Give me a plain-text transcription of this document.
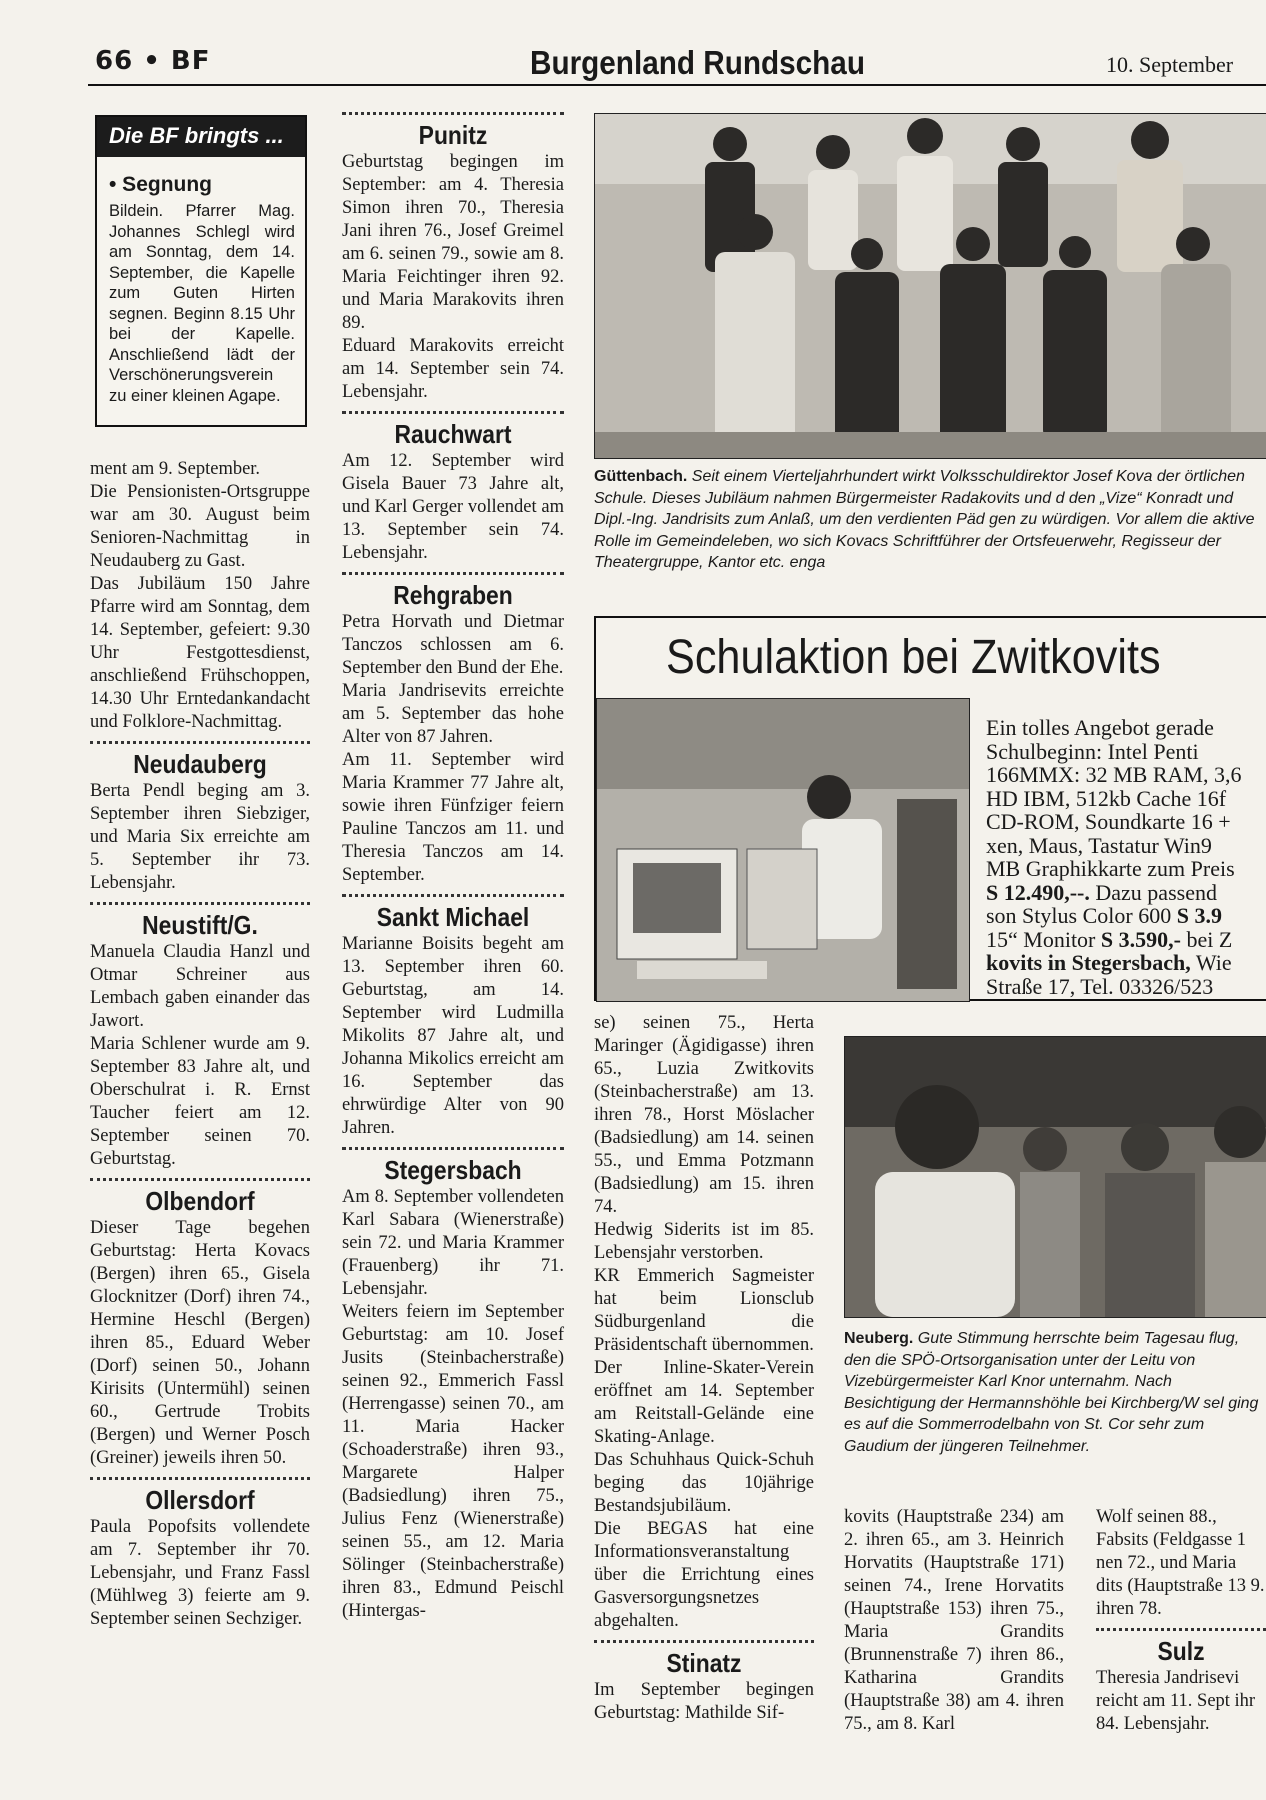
66 • BF	Burgenland Rundschau	10. September
Die BF bringts ...
• Segnung
Bildein. Pfarrer Mag. Johannes Schlegl wird am Sonntag, dem 14. September, die Kapelle zum Guten Hirten segnen. Beginn 8.15 Uhr bei der Kapelle. Anschließend lädt der Verschönerungsverein zu einer kleinen Agape.

ment am 9. September.

Die Pensionisten-Ortsgruppe war am 30. August beim Senioren-Nachmittag in Neudauberg zu Gast.

Das Jubiläum 150 Jahre Pfarre wird am Sonntag, dem 14. September, gefeiert: 9.30 Uhr Festgottesdienst, anschließend Frühschoppen, 14.30 Uhr Erntedankandacht und Folklore-Nachmittag.

Neudauberg

Berta Pendl beging am 3. September ihren Siebziger, und Maria Six erreichte am 5. September ihr 73. Lebensjahr.

Neustift/G.

Manuela Claudia Hanzl und Otmar Schreiner aus Lembach gaben einander das Jawort.

Maria Schlener wurde am 9. September 83 Jahre alt, und Oberschulrat i. R. Ernst Taucher feiert am 12. September seinen 70. Geburtstag.

Olbendorf

Dieser Tage begehen Geburtstag: Herta Kovacs (Bergen) ihren 65., Gisela Glocknitzer (Dorf) ihren 74., Hermine Heschl (Bergen) ihren 85., Eduard Weber (Dorf) seinen 50., Johann Kirisits (Untermühl) seinen 60., Gertrude Trobits (Bergen) und Werner Posch (Greiner) jeweils ihren 50.

Ollersdorf

Paula Popofsits vollendete am 7. September ihr 70. Lebensjahr, und Franz Fassl (Mühlweg 3) feierte am 9. September seinen Sechziger.

Punitz

Geburtstag begingen im September: am 4. Theresia Simon ihren 70., Theresia Jani ihren 76., Josef Greimel am 6. seinen 79., sowie am 8. Maria Feichtinger ihren 92. und Maria Marakovits ihren 89.

Eduard Marakovits erreicht am 14. September sein 74. Lebensjahr.

Rauchwart

Am 12. September wird Gisela Bauer 73 Jahre alt, und Karl Gerger vollendet am 13. September sein 74. Lebensjahr.

Rehgraben

Petra Horvath und Dietmar Tanczos schlossen am 6. September den Bund der Ehe.

Maria Jandrisevits erreichte am 5. September das hohe Alter von 87 Jahren.

Am 11. September wird Maria Krammer 77 Jahre alt, sowie ihren Fünfziger feiern Pauline Tanczos am 11. und Theresia Tanczos am 14. September.

Sankt Michael

Marianne Boisits begeht am 13. September ihren 60. Geburtstag, am 14. September wird Ludmilla Mikolits 87 Jahre alt, und Johanna Mikolics erreicht am 16. September das ehrwürdige Alter von 90 Jahren.

Stegersbach

Am 8. September vollendeten Karl Sabara (Wienerstraße) sein 72. und Maria Krammer (Frauenberg) ihr 71. Lebensjahr.

Weiters feiern im September Geburtstag: am 10. Josef Jusits (Steinbacherstraße) seinen 92., Emmerich Fassl (Herrengasse) seinen 70., am 11. Maria Hacker (Schoaderstraße) ihren 93., Margarete Halper (Badsiedlung) ihren 75., Julius Fenz (Wienerstraße) seinen 55., am 12. Maria Sölinger (Steinbacherstraße) ihren 83., Edmund Peischl (Hintergas-

Güttenbach. Seit einem Vierteljahrhundert wirkt Volksschuldirektor Josef Kova der örtlichen Schule. Dieses Jubiläum nahmen Bürgermeister Radakovits und d den „Vize“ Konradt und Dipl.-Ing. Jandrisits zum Anlaß, um den verdienten Päd gen zu würdigen. Vor allem die aktive Rolle im Gemeindeleben, wo sich Kovacs Schriftführer der Ortsfeuerwehr, Regisseur der Theatergruppe, Kantor etc. enga
Schulaktion bei Zwitkovits
Ein tolles Angebot gerade
Schulbeginn: Intel Penti
166MMX: 32 MB RAM, 3,6
HD IBM, 512kb Cache 16f
CD-ROM, Soundkarte 16 +
xen, Maus, Tastatur Win9
MB Graphikkarte zum Preis
S 12.490,--. Dazu passend
son Stylus Color 600 S 3.9
15“ Monitor S 3.590,- bei Z
kovits in Stegersbach, Wie
Straße 17, Tel. 03326/523

se) seinen 75., Herta Maringer (Ägidigasse) ihren 65., Luzia Zwitkovits (Steinbacherstraße) am 13. ihren 78., Horst Möslacher (Badsiedlung) am 14. seinen 55., und Emma Potzmann (Badsiedlung) am 15. ihren 74.

Hedwig Siderits ist im 85. Lebensjahr verstorben.

KR Emmerich Sagmeister hat beim Lionsclub Südburgenland die Präsidentschaft übernommen.

Der Inline-Skater-Verein eröffnet am 14. September am Reitstall-Gelände eine Skating-Anlage.

Das Schuhhaus Quick-Schuh beging das 10jährige Bestandsjubiläum.

Die BEGAS hat eine Informationsveranstaltung über die Errichtung eines Gasversorgungsnetzes abgehalten.

Stinatz

Im September begingen Geburtstag: Mathilde Sif-

Neuberg. Gute Stimmung herrschte beim Tagesau flug, den die SPÖ-Ortsorganisation unter der Leitu von Vizebürgermeister Karl Knor unternahm. Nach Besichtigung der Hermannshöhle bei Kirchberg/W sel ging es auf die Sommerrodelbahn von St. Cor sehr zum Gaudium der jüngeren Teilnehmer.

kovits (Hauptstraße 234) am 2. ihren 65., am 3. Heinrich Horvatits (Hauptstraße 171) seinen 74., Irene Horvatits (Hauptstraße 153) ihren 75., Maria Grandits (Brunnenstraße 7) ihren 86., Katharina Grandits (Hauptstraße 38) am 4. ihren 75., am 8. Karl

Wolf seinen 88., Fabsits (Feldgasse 1 nen 72., und Maria dits (Hauptstraße 13 9. ihren 78.

Sulz

Theresia Jandrisevi reicht am 11. Sept ihr 84. Lebensjahr.
